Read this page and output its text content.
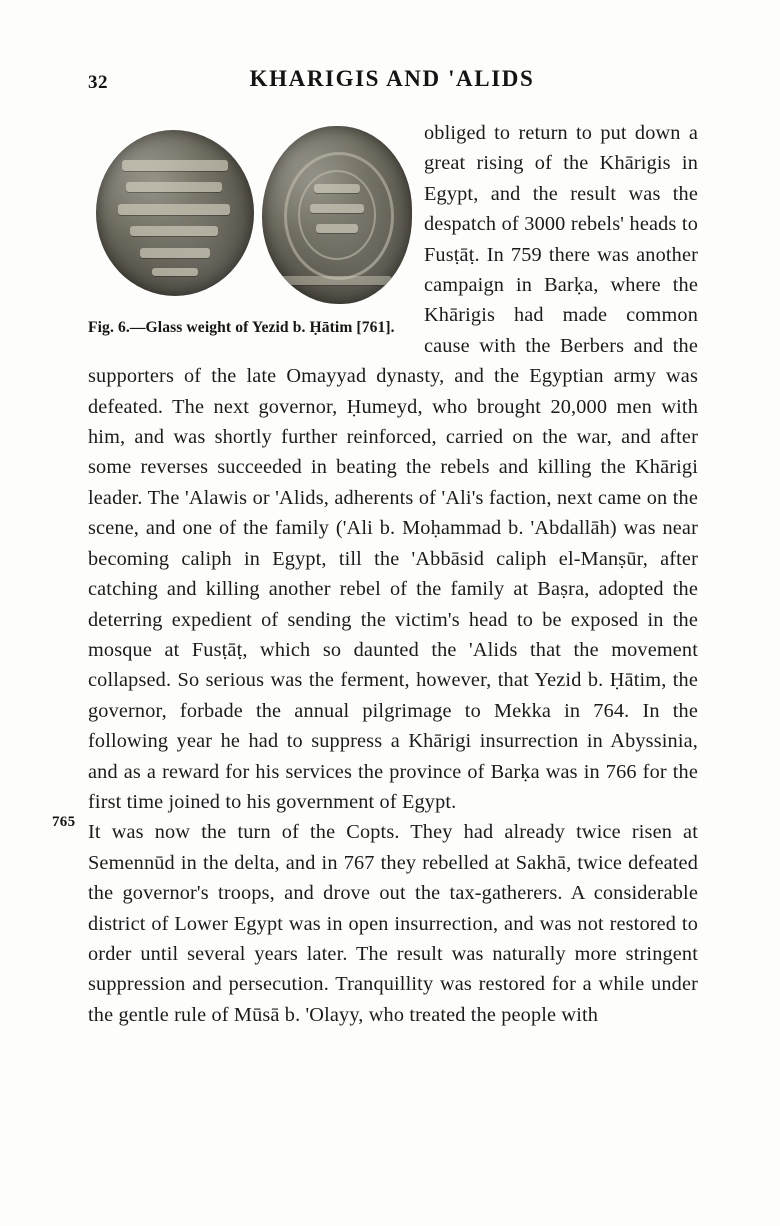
32	KHARIGIS AND 'ALIDS
765
Fig. 6.—Glass weight of Yezid b. Ḥātim [761].

obliged to return to put down a great rising of the Khārigis in Egypt, and the result was the despatch of 3000 rebels' heads to Fusṭāṭ. In 759 there was another campaign in Barḳa, where the Khārigis had made common cause with the Berbers and the supporters of the late Omayyad dynasty, and the Egyptian army was defeated. The next governor, Ḥumeyd, who brought 20,000 men with him, and was shortly further reinforced, carried on the war, and after some reverses succeeded in beating the rebels and killing the Khārigi leader. The 'Alawis or 'Alids, adherents of 'Ali's faction, next came on the scene, and one of the family ('Ali b. Moḥammad b. 'Abdallāh) was near becoming caliph in Egypt, till the 'Abbāsid caliph el-Manṣūr, after catching and killing another rebel of the family at Baṣra, adopted the deterring expedient of sending the victim's head to be exposed in the mosque at Fusṭāṭ, which so daunted the 'Alids that the movement collapsed. So serious was the ferment, however, that Yezid b. Ḥātim, the governor, forbade the annual pilgrimage to Mekka in 764. In the following year he had to suppress a Khārigi insurrection in Abyssinia, and as a reward for his services the province of Barḳa was in 766 for the first time joined to his government of Egypt.

It was now the turn of the Copts. They had already twice risen at Semennūd in the delta, and in 767 they rebelled at Sakhā, twice defeated the governor's troops, and drove out the tax-gatherers. A considerable district of Lower Egypt was in open insurrection, and was not restored to order until several years later. The result was naturally more stringent suppression and persecution. Tranquillity was restored for a while under the gentle rule of Mūsā b. 'Olayy, who treated the people with
